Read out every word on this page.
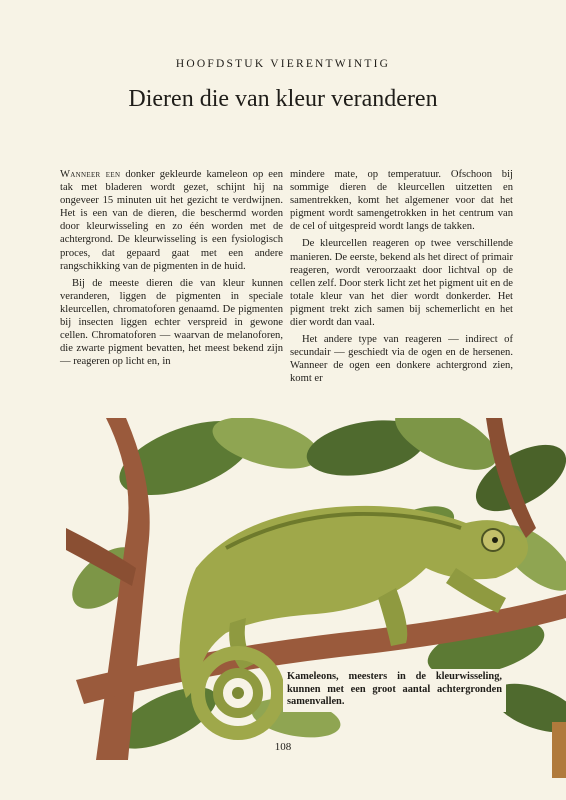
HOOFDSTUK VIERENTWINTIG
Dieren die van kleur veranderen

Wanneer een donker gekleurde kameleon op een tak met bladeren wordt gezet, schijnt hij na ongeveer 15 minuten uit het gezicht te verdwijnen. Het is een van de dieren, die beschermd worden door kleurwisseling en zo één worden met de achtergrond. De kleurwisseling is een fysiologisch proces, dat gepaard gaat met een andere rangschikking van de pigmenten in de huid.

Bij de meeste dieren die van kleur kunnen veranderen, liggen de pigmenten in speciale kleurcellen, chromatoforen genaamd. De pigmenten bij insecten liggen echter verspreid in gewone cellen. Chromatoforen — waarvan de melanoforen, die zwarte pigment bevatten, het meest bekend zijn — reageren op licht en, in

mindere mate, op temperatuur. Ofschoon bij sommige dieren de kleurcellen uitzetten en samentrekken, komt het algemener voor dat het pigment wordt samengetrokken in het centrum van de cel of uitgespreid wordt langs de takken.

De kleurcellen reageren op twee verschillende manieren. De eerste, bekend als het direct of primair reageren, wordt veroorzaakt door lichtval op de cellen zelf. Door sterk licht zet het pigment uit en de totale kleur van het dier wordt donkerder. Het pigment trekt zich samen bij schemerlicht en het dier wordt dan vaal.

Het andere type van reageren — indirect of secundair — geschiedt via de ogen en de hersenen. Wanneer de ogen een donkere achtergrond zien, komt er

Kameleons, meesters in de kleurwisseling, kunnen met een groot aantal achtergronden samenvallen.
108
